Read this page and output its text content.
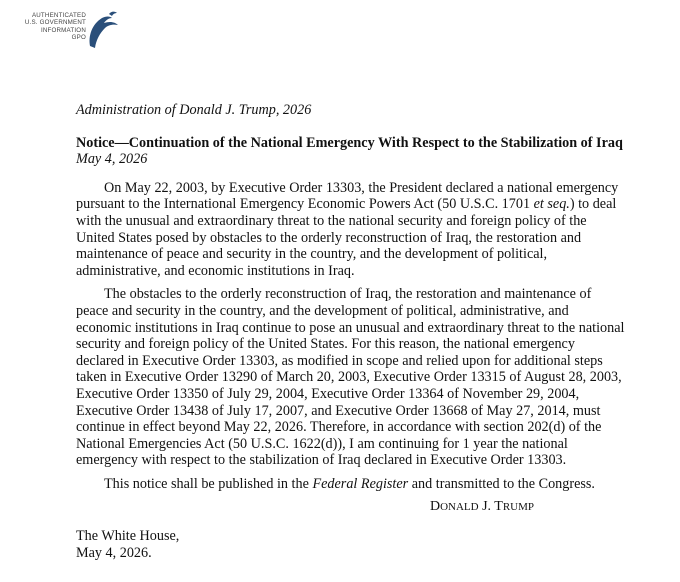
AUTHENTICATED
U.S. GOVERNMENT
INFORMATION
GPO

Administration of Donald J. Trump, 2026

Notice—Continuation of the National Emergency With Respect to the Stabilization of Iraq

May 4, 2026

On May 22, 2003, by Executive Order 13303, the President declared a national emergency pursuant to the International Emergency Economic Powers Act (50 U.S.C. 1701 et seq.) to deal with the unusual and extraordinary threat to the national security and foreign policy of the United States posed by obstacles to the orderly reconstruction of Iraq, the restoration and maintenance of peace and security in the country, and the development of political, administrative, and economic institutions in Iraq.

The obstacles to the orderly reconstruction of Iraq, the restoration and maintenance of peace and security in the country, and the development of political, administrative, and economic institutions in Iraq continue to pose an unusual and extraordinary threat to the national security and foreign policy of the United States. For this reason, the national emergency declared in Executive Order 13303, as modified in scope and relied upon for additional steps taken in Executive Order 13290 of March 20, 2003, Executive Order 13315 of August 28, 2003, Executive Order 13350 of July 29, 2004, Executive Order 13364 of November 29, 2004, Executive Order 13438 of July 17, 2007, and Executive Order 13668 of May 27, 2014, must continue in effect beyond May 22, 2026. Therefore, in accordance with section 202(d) of the National Emergencies Act (50 U.S.C. 1622(d)), I am continuing for 1 year the national emergency with respect to the stabilization of Iraq declared in Executive Order 13303.

This notice shall be published in the Federal Register and transmitted to the Congress.

DONALD J. TRUMP

The White House,
May 4, 2026.
